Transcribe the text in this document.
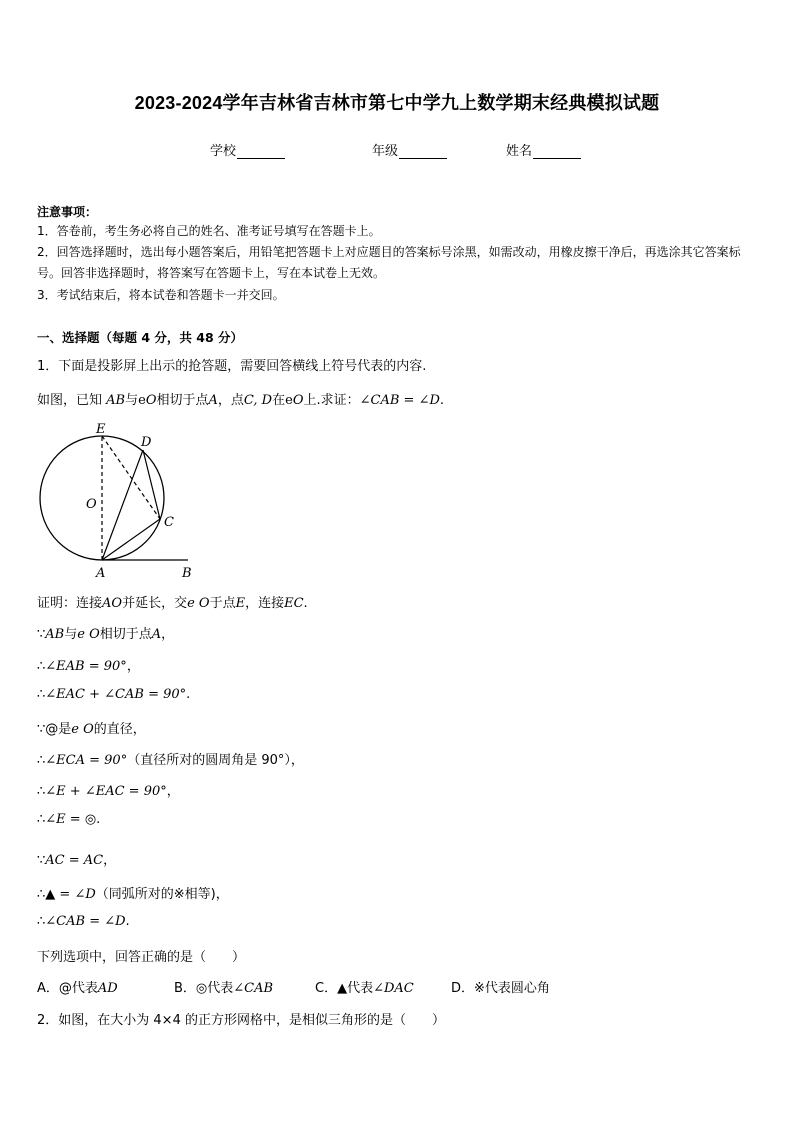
2023-2024学年吉林省吉林市第七中学九上数学期末经典模拟试题
学校	年级	姓名
注意事项：
1．答卷前，考生务必将自己的姓名、准考证号填写在答题卡上。
2．回答选择题时，选出每小题答案后，用铅笔把答题卡上对应题目的答案标号涂黑，如需改动，用橡皮擦干净后，再选涂其它答案标号。回答非选择题时，将答案写在答题卡上，写在本试卷上无效。
3．考试结束后，将本试卷和答题卡一并交回。
一、选择题（每题 4 分，共 48 分）
1．下面是投影屏上出示的抢答题，需要回答横线上符号代表的内容.
如图，已知 AB与eO相切于点A，点C, D在eO上.求证：∠CAB = ∠D.
E
D
O
C
A	B
证明：连接AO并延长，交e O于点E，连接EC.
∵AB与e O相切于点A，
∴∠EAB = 90°，
∴∠EAC + ∠CAB = 90°.
∵@是e O的直径，
∴∠ECA = 90°（直径所对的圆周角是 90°），
∴∠E + ∠EAC = 90°，
∴∠E = ◎.
∵AC = AC，
∴▲ = ∠D（同弧所对的※相等)，
∴∠CAB = ∠D.
下列选项中，回答正确的是（　　）
A．@代表AD	B．◎代表∠CAB	C．▲代表∠DAC	D．※代表圆心角
2．如图，在大小为 4×4 的正方形网格中，是相似三角形的是（　　）
